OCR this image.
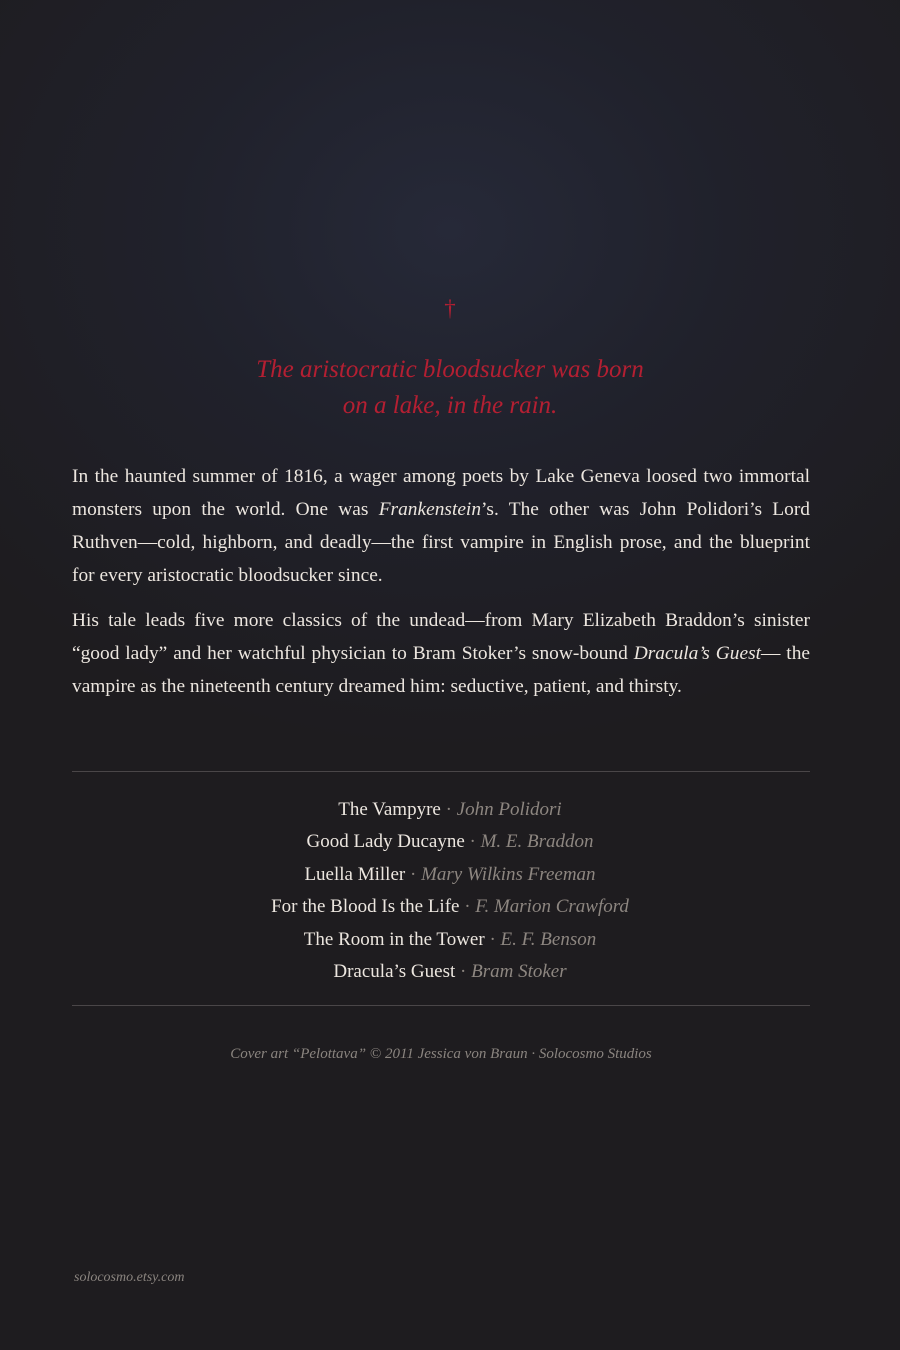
†
The aristocratic bloodsucker was born
on a lake, in the rain.

In the haunted summer of 1816, a wager among poets by Lake Geneva loosed two immortal monsters upon the world. One was Frankenstein’s. The other was John Polidori’s Lord Ruthven—cold, highborn, and deadly—the first vampire in English prose, and the blueprint for every aristocratic bloodsucker since.

His tale leads five more classics of the undead—from Mary Elizabeth Braddon’s sinister “good lady” and her watchful physician to Bram Stoker’s snow-bound Dracula’s Guest— the vampire as the nineteenth century dreamed him: seductive, patient, and thirsty.

The Vampyre · John Polidori
Good Lady Ducayne · M. E. Braddon
Luella Miller · Mary Wilkins Freeman
For the Blood Is the Life · F. Marion Crawford
The Room in the Tower · E. F. Benson
Dracula’s Guest · Bram Stoker
Cover art “Pelottava” © 2011 Jessica von Braun · Solocosmo Studios
solocosmo.etsy.com
